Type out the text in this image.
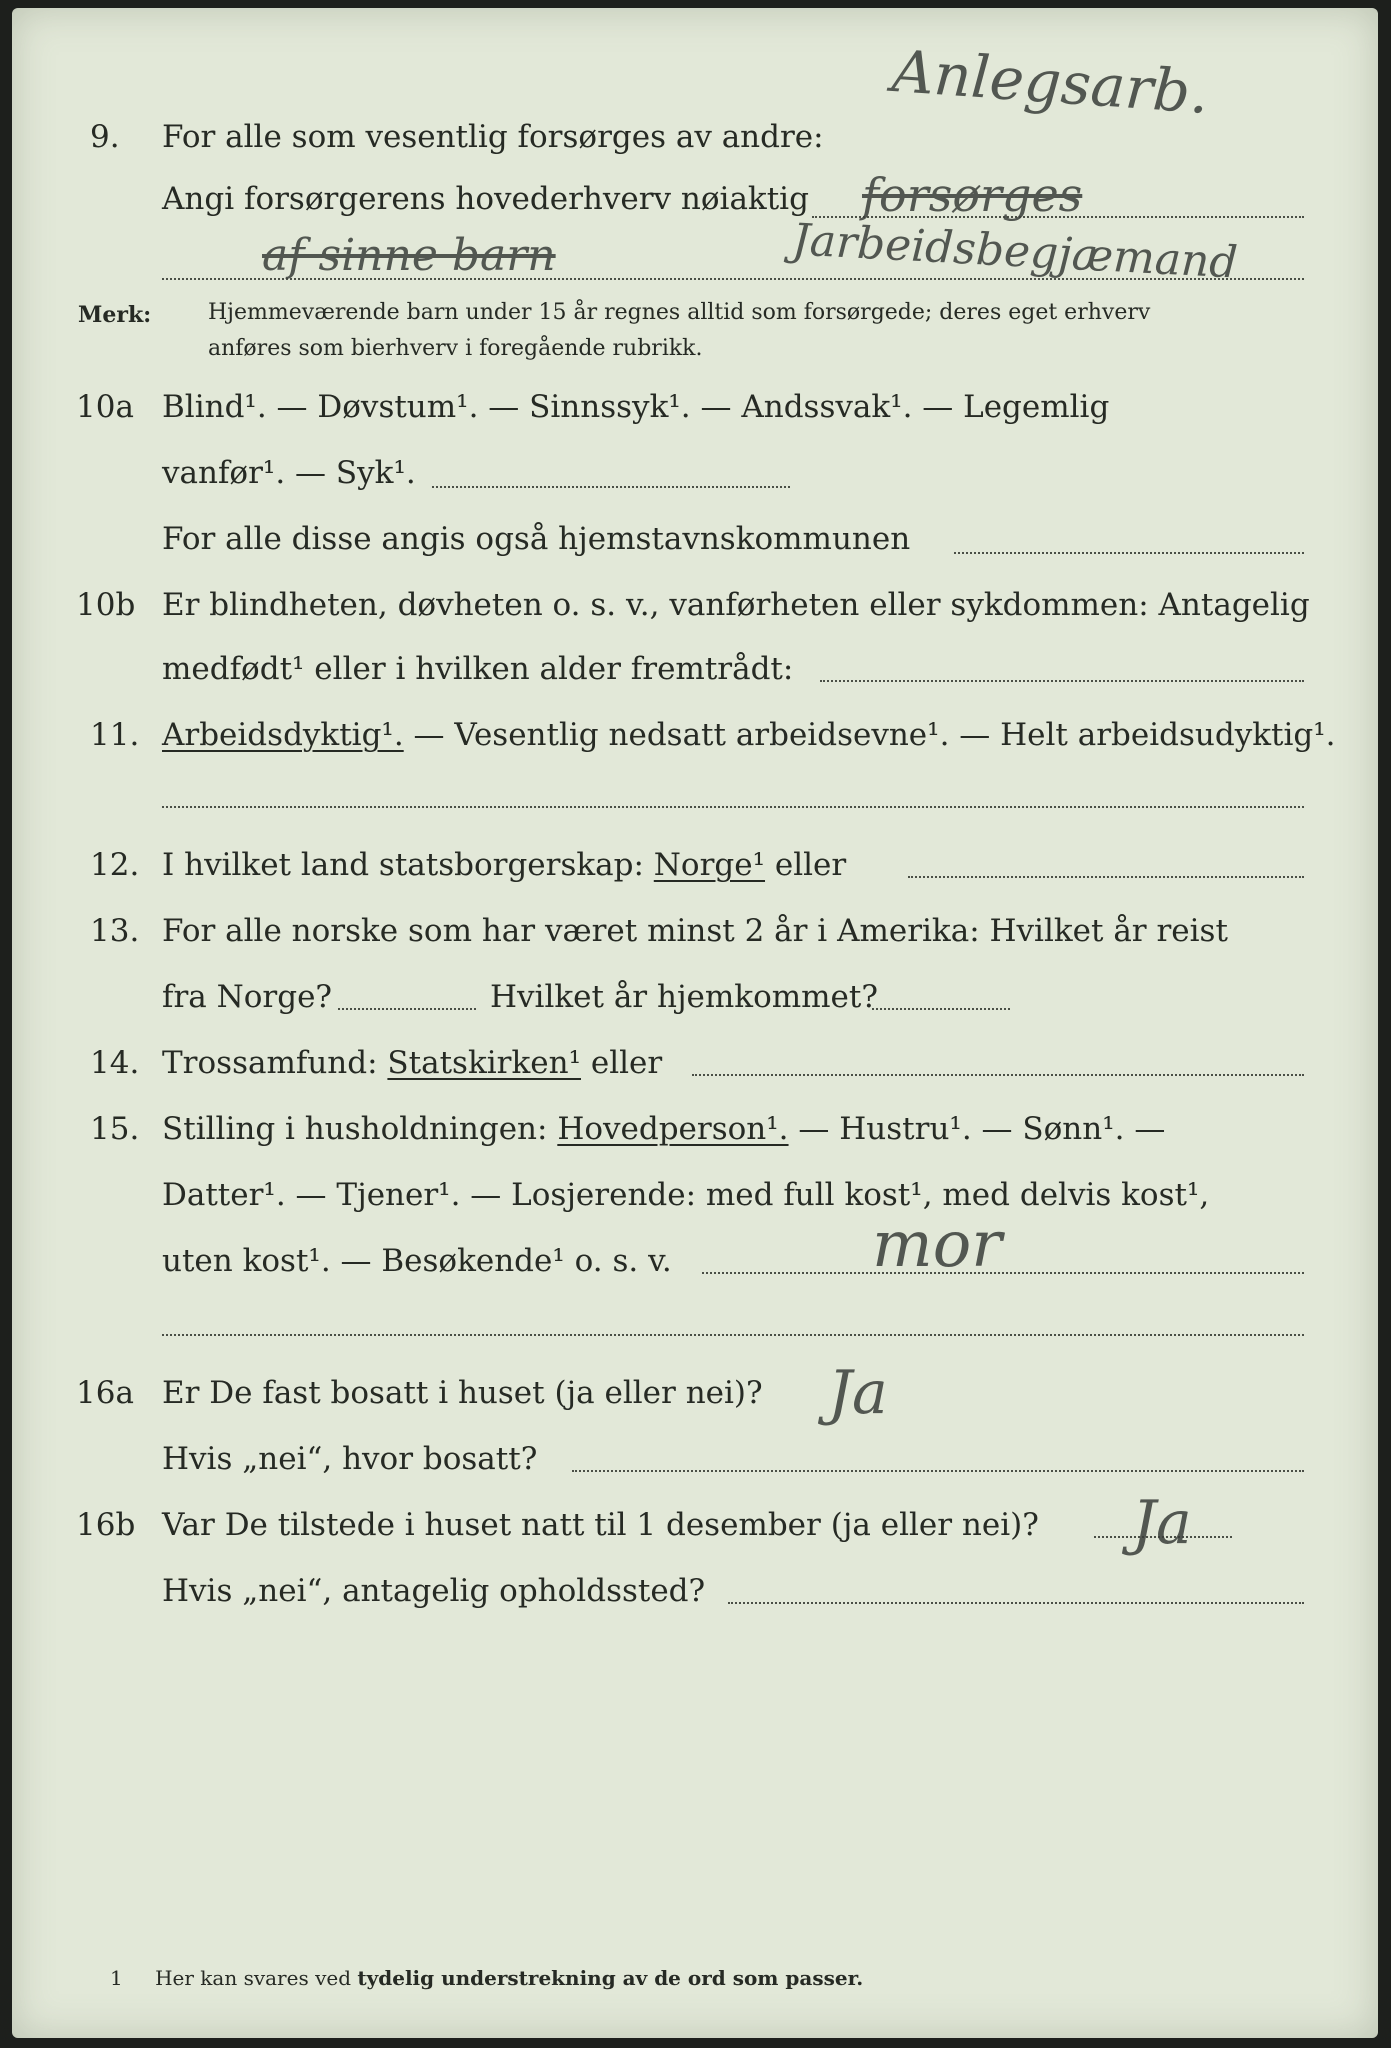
Anlegsarb.
9. For alle som vesentlig forsørges av andre:
Angi forsørgerens hovederhverv nøiaktig forsørges
af sinne barn	Jarbeidsbegjæmand
Merk:	Hjemmeværende barn under 15 år regnes alltid som forsørgede; deres eget erhverv
anføres som bierhverv i foregående rubrikk.
10a Blind¹. — Døvstum¹. — Sinnssyk¹. — Andssvak¹. — Legemlig
vanfør¹. — Syk¹.
For alle disse angis også hjemstavnskommunen
10b Er blindheten, døvheten o. s. v., vanførheten eller sykdommen: Antagelig
medfødt¹ eller i hvilken alder fremtrådt:
11. Arbeidsdyktig¹. — Vesentlig nedsatt arbeidsevne¹. — Helt arbeidsudyktig¹.
12. I hvilket land statsborgerskap: Norge¹ eller
13. For alle norske som har været minst 2 år i Amerika: Hvilket år reist
fra Norge?	Hvilket år hjemkommet?
14. Trossamfund: Statskirken¹ eller
15. Stilling i husholdningen: Hovedperson¹. — Hustru¹. — Sønn¹. —
Datter¹. — Tjener¹. — Losjerende: med full kost¹, med delvis kost¹,
uten kost¹. — Besøkende¹ o. s. v.	mor
16a Er De fast bosatt i huset (ja eller nei)? Ja
Hvis „nei“, hvor bosatt?
16b Var De tilstede i huset natt til 1 desember (ja eller nei)? Ja
Hvis „nei“, antagelig opholdssted?
1 Her kan svares ved tydelig understrekning av de ord som passer.
